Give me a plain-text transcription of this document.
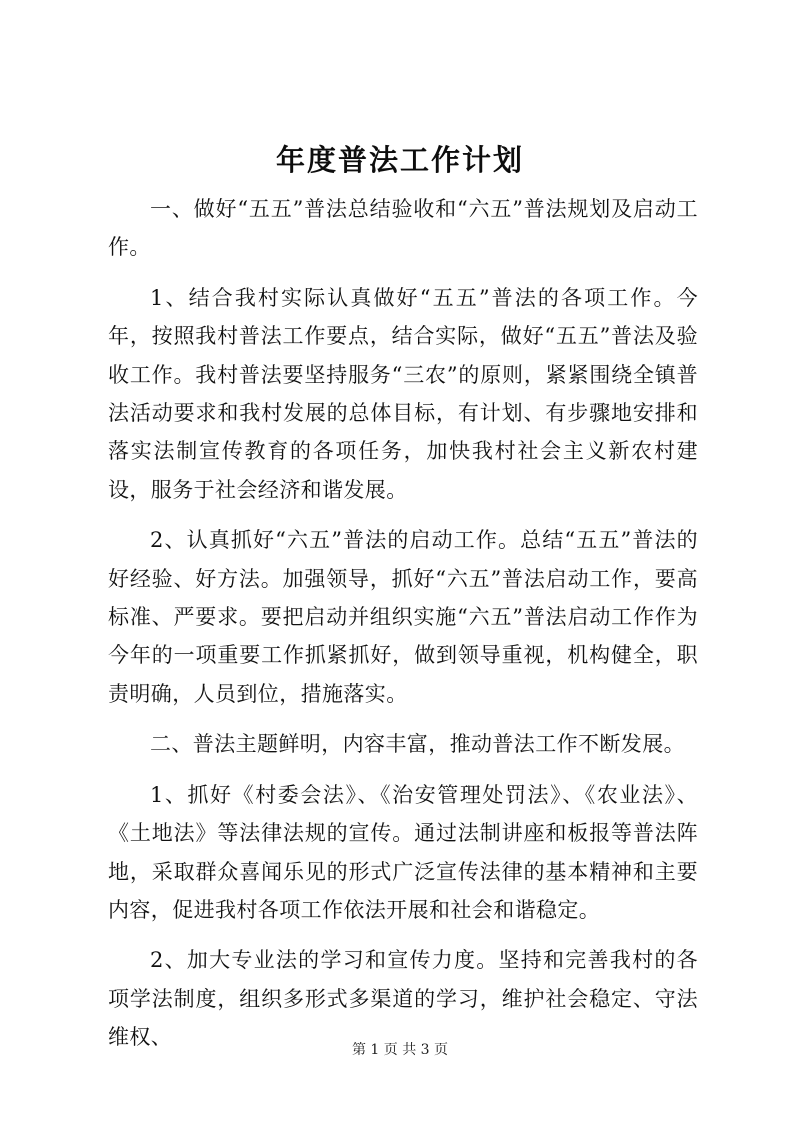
年度普法工作计划

一、做好“五五”普法总结验收和“六五”普法规划及启动工作。

1、结合我村实际认真做好“五五”普法的各项工作。今年，按照我村普法工作要点，结合实际，做好“五五”普法及验收工作。我村普法要坚持服务“三农”的原则，紧紧围绕全镇普法活动要求和我村发展的总体目标，有计划、有步骤地安排和落实法制宣传教育的各项任务，加快我村社会主义新农村建设，服务于社会经济和谐发展。

2、认真抓好“六五”普法的启动工作。总结“五五”普法的好经验、好方法。加强领导，抓好“六五”普法启动工作，要高标准、严要求。要把启动并组织实施“六五”普法启动工作作为今年的一项重要工作抓紧抓好，做到领导重视，机构健全，职责明确，人员到位，措施落实。

二、普法主题鲜明，内容丰富，推动普法工作不断发展。

1、抓好《村委会法》、《治安管理处罚法》、《农业法》、《土地法》等法律法规的宣传。通过法制讲座和板报等普法阵地，采取群众喜闻乐见的形式广泛宣传法律的基本精神和主要内容，促进我村各项工作依法开展和社会和谐稳定。

2、加大专业法的学习和宣传力度。坚持和完善我村的各项学法制度，组织多形式多渠道的学习，维护社会稳定、守法维权、

第 1 页 共 3 页
